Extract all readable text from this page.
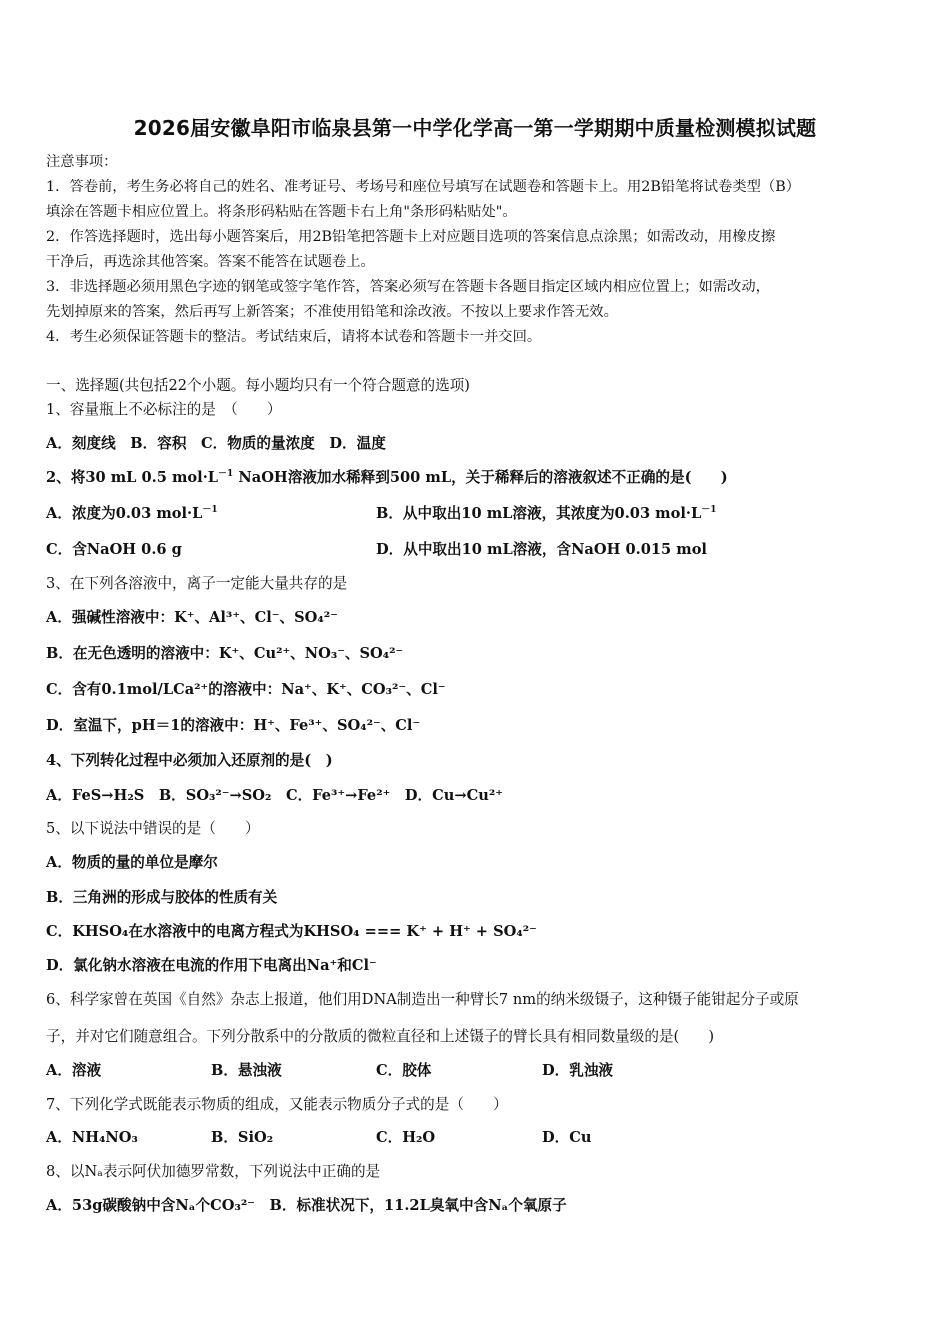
2026届安徽阜阳市临泉县第一中学化学高一第一学期期中质量检测模拟试题
注意事项：
1．答卷前，考生务必将自己的姓名、准考证号、考场号和座位号填写在试题卷和答题卡上。用2B铅笔将试卷类型（B）
填涂在答题卡相应位置上。将条形码粘贴在答题卡右上角"条形码粘贴处"。
2．作答选择题时，选出每小题答案后，用2B铅笔把答题卡上对应题目选项的答案信息点涂黑；如需改动，用橡皮擦
干净后，再选涂其他答案。答案不能答在试题卷上。
3．非选择题必须用黑色字迹的钢笔或签字笔作答，答案必须写在答题卡各题目指定区域内相应位置上；如需改动，
先划掉原来的答案，然后再写上新答案；不准使用铅笔和涂改液。不按以上要求作答无效。
4．考生必须保证答题卡的整洁。考试结束后，请将本试卷和答题卡一并交回。
一、选择题(共包括22个小题。每小题均只有一个符合题意的选项)
1、容量瓶上不必标注的是　（　　）
A．刻度线　B．容积　C．物质的量浓度　D．温度
2、将30 mL 0.5 $mol\cdot L^{-1}$ NaOH溶液加水稀释到500 mL，关于稀释后的溶液叙述不正确的是(　　)
A．浓度为0.03 $mol\cdot L^{-1}$	B．从中取出10 mL溶液，其浓度为0.03 $mol\cdot L^{-1}$
C．含NaOH 0.6 g	D．从中取出10 mL溶液，含NaOH 0.015 mol
3、在下列各溶液中，离子一定能大量共存的是
A．强碱性溶液中：K⁺、Al³⁺、Cl⁻、SO₄²⁻
B．在无色透明的溶液中：K⁺、Cu²⁺、NO₃⁻、SO₄²⁻
C．含有0.1mol/LCa²⁺的溶液中：Na⁺、K⁺、CO₃²⁻、Cl⁻
D．室温下，pH＝1的溶液中：H⁺、Fe³⁺、SO₄²⁻、Cl⁻
4、下列转化过程中必须加入还原剂的是(　)
A．FeS→H₂S　B．SO₃²⁻→SO₂　C．Fe³⁺→Fe²⁺　D．Cu→Cu²⁺
5、以下说法中错误的是（　　）
A．物质的量的单位是摩尔
B．三角洲的形成与胶体的性质有关
C．KHSO₄在水溶液中的电离方程式为KHSO₄ === K⁺ + H⁺ + SO₄²⁻
D．氯化钠水溶液在电流的作用下电离出Na⁺和Cl⁻
6、科学家曾在英国《自然》杂志上报道，他们用DNA制造出一种臂长7 nm的纳米级镊子，这种镊子能钳起分子或原
子，并对它们随意组合。下列分散系中的分散质的微粒直径和上述镊子的臂长具有相同数量级的是(　　)
A．溶液	B．悬浊液	C．胶体	D．乳浊液
7、下列化学式既能表示物质的组成，又能表示物质分子式的是（　　）
A．NH₄NO₃	B．SiO₂	C．H₂O	D．Cu
8、以Nₐ表示阿伏加德罗常数，下列说法中正确的是
A．53g碳酸钠中含Nₐ个CO₃²⁻　B．标准状况下，11.2L臭氧中含Nₐ个氧原子
